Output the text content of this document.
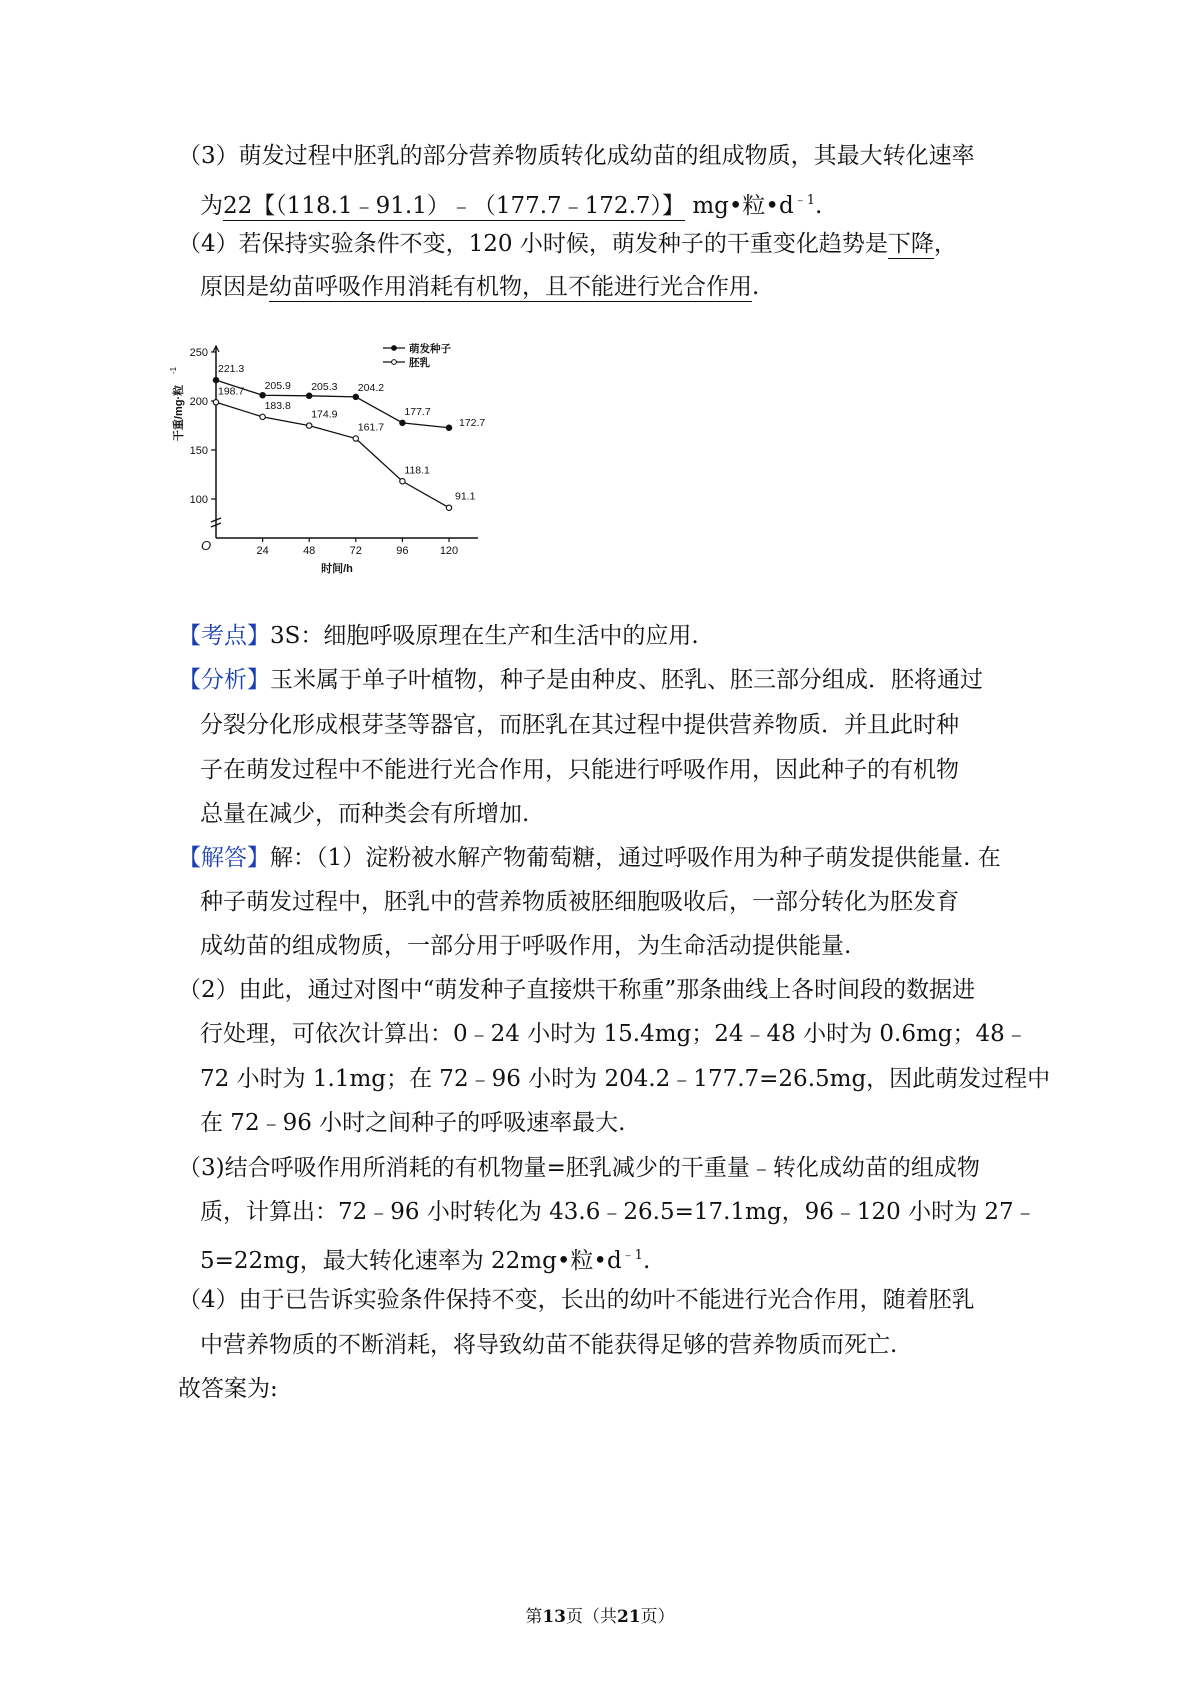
（3）萌发过程中胚乳的部分营养物质转化成幼苗的组成物质，其最大转化速率
为22【（118.1﹣91.1）﹣（177.7﹣172.7）】 mg•粒$•d^{﹣1}$.
（4）若保持实验条件不变，120 小时候，萌发种子的干重变化趋势是下降，
原因是幼苗呼吸作用消耗有机物，且不能进行光合作用.
100
150
200
250
24	48	72	96	120
O
时间/h
干重/mg·粒
-1	221.3
205.9 205.3 204.2
177.7
172.7
198.7
183.8
174.9
161.7
118.1
91.1
萌发种子
胚乳
【考点】3S：细胞呼吸原理在生产和生活中的应用.
【分析】玉米属于单子叶植物，种子是由种皮、胚乳、胚三部分组成．胚将通过
分裂分化形成根芽茎等器官，而胚乳在其过程中提供营养物质．并且此时种
子在萌发过程中不能进行光合作用，只能进行呼吸作用，因此种子的有机物
总量在减少，而种类会有所增加.
【解答】解：（1）淀粉被水解产物葡萄糖，通过呼吸作用为种子萌发提供能量. 在
种子萌发过程中，胚乳中的营养物质被胚细胞吸收后，一部分转化为胚发育
成幼苗的组成物质，一部分用于呼吸作用，为生命活动提供能量.
（2）由此，通过对图中“萌发种子直接烘干称重”那条曲线上各时间段的数据进
行处理，可依次计算出：0﹣24 小时为 15.4mg；24﹣48 小时为 0.6mg；48﹣
72 小时为 1.1mg；在 72﹣96 小时为 204.2﹣177.7=26.5mg，因此萌发过程中
在 72﹣96 小时之间种子的呼吸速率最大.
（3)结合呼吸作用所消耗的有机物量=胚乳减少的干重量﹣转化成幼苗的组成物
质，计算出：72﹣96 小时转化为 43.6﹣26.5=17.1mg，96﹣120 小时为 27﹣
5=22mg，最大转化速率为 22mg•粒$•d^{﹣1}$.
（4）由于已告诉实验条件保持不变，长出的幼叶不能进行光合作用，随着胚乳
中营养物质的不断消耗，将导致幼苗不能获得足够的营养物质而死亡.
故答案为:
第13页（共21页）
